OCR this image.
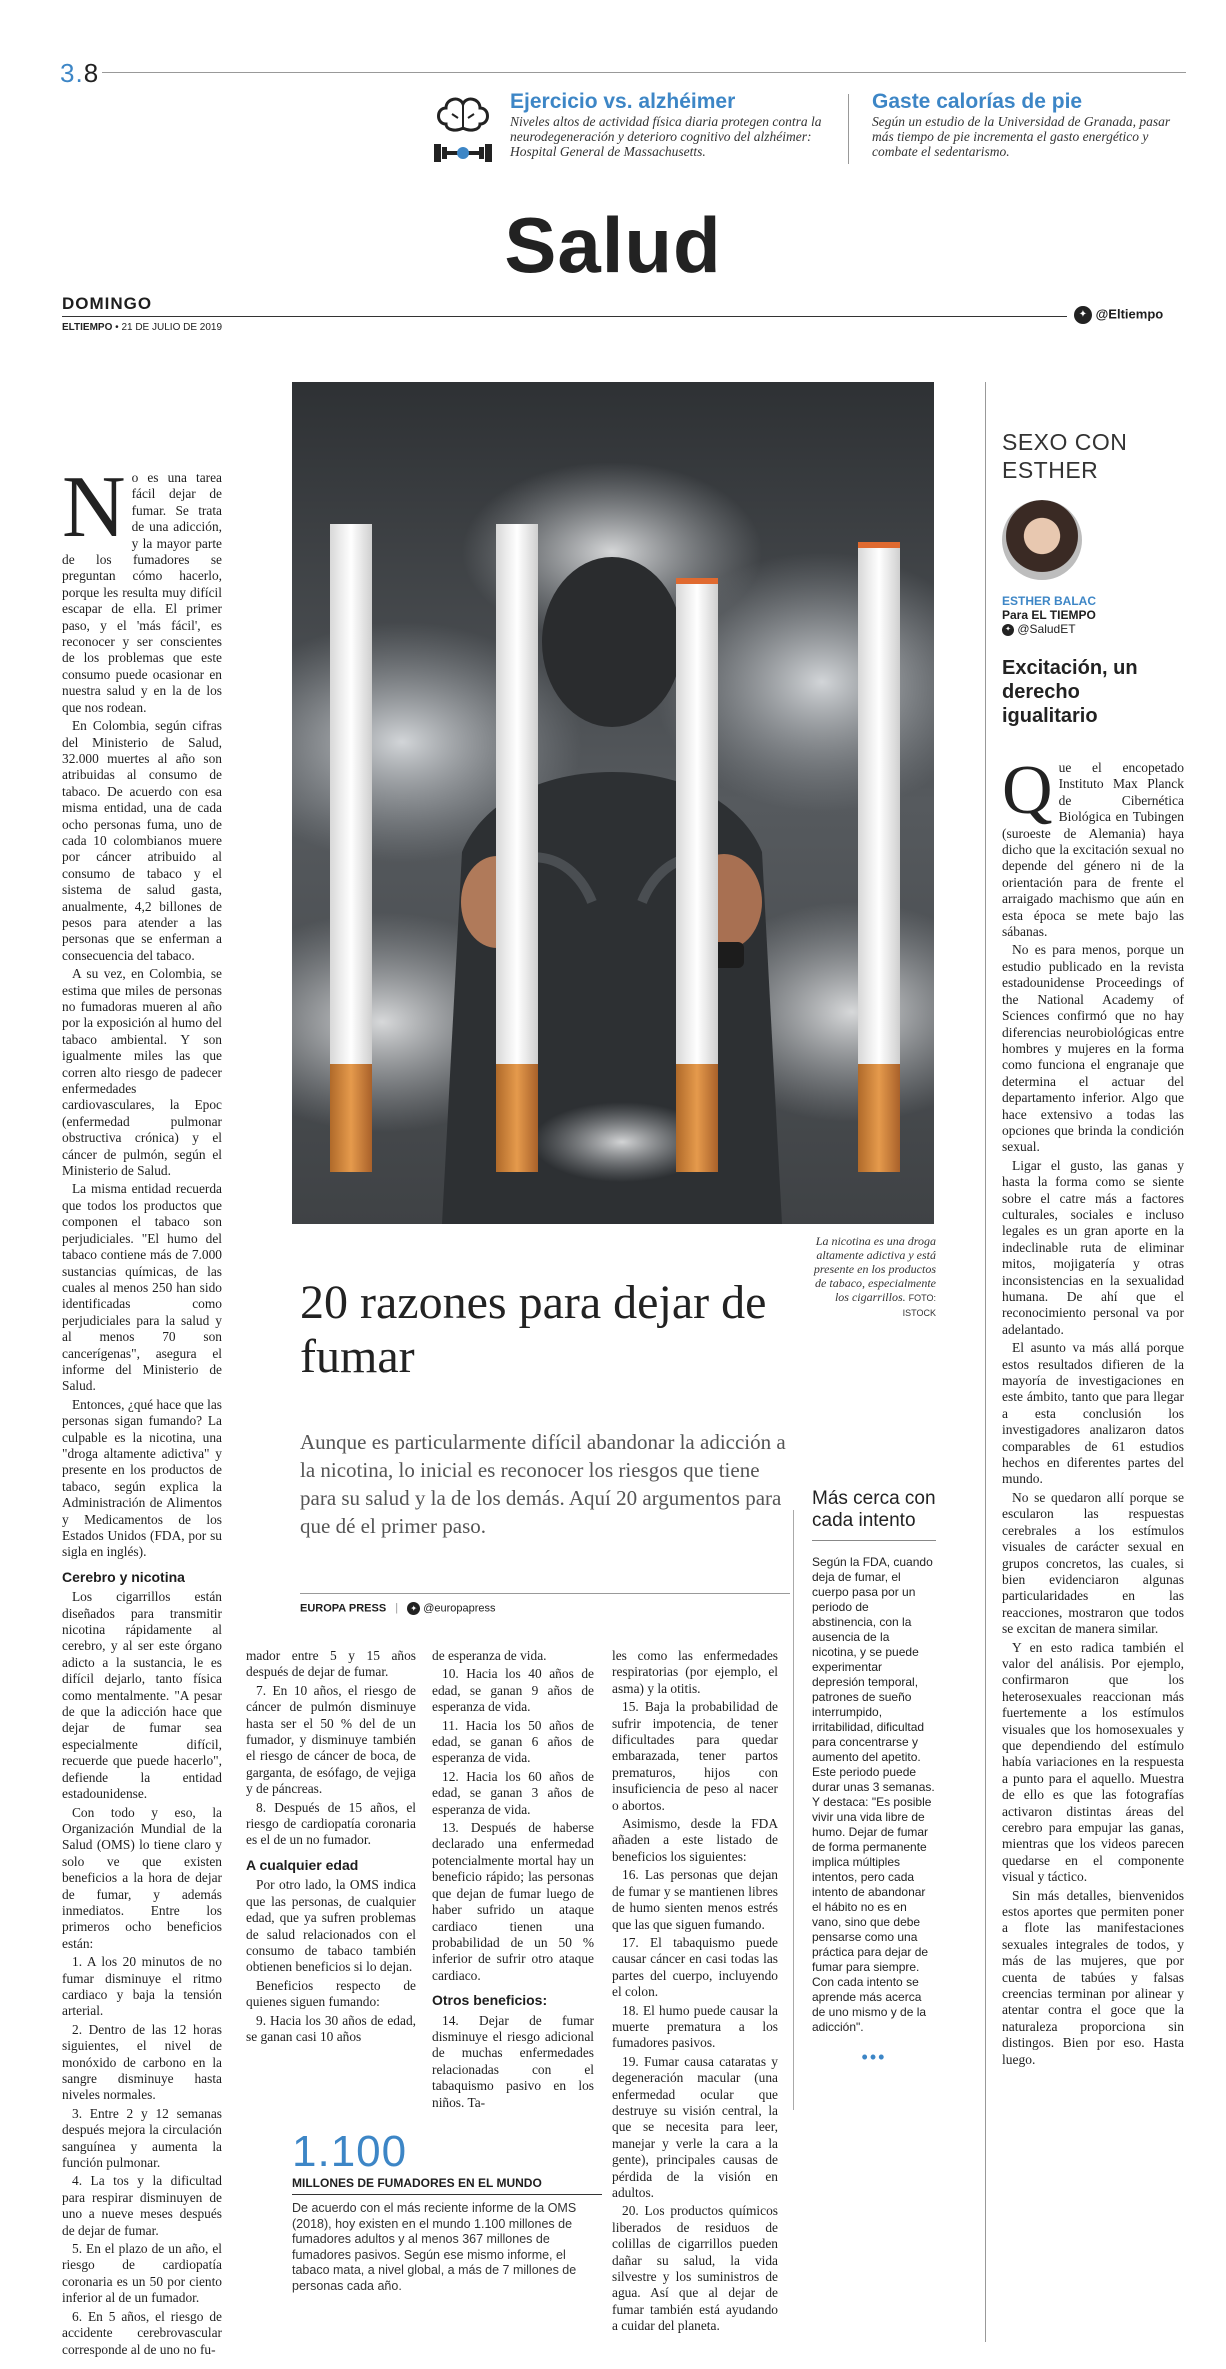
3.8
Ejercicio vs. alzhéimer
Niveles altos de actividad física diaria protegen contra la neurodegeneración y deterioro cognitivo del alzhéimer: Hospital General de Massachusetts.
Gaste calorías de pie
Según un estudio de la Universidad de Granada, pasar más tiempo de pie incrementa el gasto energético y combate el sedentarismo.
Salud
DOMINGO
ELTIEMPO • 21 DE JULIO DE 2019
✦ @Eltiempo
La nicotina es una droga altamente adictiva y está presente en los productos de tabaco, especialmente los cigarrillos. FOTO: ISTOCK
20 razones para dejar de fumar
Aunque es particularmente difícil abandonar la adicción a la nicotina, lo inicial es reconocer los riesgos que tiene para su salud y la de los demás. Aquí 20 argumentos para que dé el primer paso.
EUROPA PRESS | ✦ @europapress

No es una tarea fácil dejar de fumar. Se trata de una adicción, y la mayor parte de los fumadores se preguntan cómo hacerlo, porque les resulta muy difícil escapar de ella. El primer paso, y el 'más fácil', es reconocer y ser conscientes de los problemas que este consumo puede ocasionar en nuestra salud y en la de los que nos rodean.

En Colombia, según cifras del Ministerio de Salud, 32.000 muertes al año son atribuidas al consumo de tabaco. De acuerdo con esa misma entidad, una de cada ocho personas fuma, uno de cada 10 colombianos muere por cáncer atribuido al consumo de tabaco y el sistema de salud gasta, anualmente, 4,2 billones de pesos para atender a las personas que se enferman a consecuencia del tabaco.

A su vez, en Colombia, se estima que miles de personas no fumadoras mueren al año por la exposición al humo del tabaco ambiental. Y son igualmente miles las que corren alto riesgo de padecer enfermedades cardiovasculares, la Epoc (enfermedad pulmonar obstructiva crónica) y el cáncer de pulmón, según el Ministerio de Salud.

La misma entidad recuerda que todos los productos que componen el tabaco son perjudiciales. "El humo del tabaco contiene más de 7.000 sustancias químicas, de las cuales al menos 250 han sido identificadas como perjudiciales para la salud y al menos 70 son cancerígenas", asegura el informe del Ministerio de Salud.

Entonces, ¿qué hace que las personas sigan fumando? La culpable es la nicotina, una "droga altamente adictiva" y presente en los productos de tabaco, según explica la Administración de Alimentos y Medicamentos de los Estados Unidos (FDA, por su sigla en inglés).

Cerebro y nicotina

Los cigarrillos están diseñados para transmitir nicotina rápidamente al cerebro, y al ser este órgano adicto a la sustancia, le es difícil dejarlo, tanto física como mentalmente. "A pesar de que la adicción hace que dejar de fumar sea especialmente difícil, recuerde que puede hacerlo", defiende la entidad estadounidense.

Con todo y eso, la Organización Mundial de la Salud (OMS) lo tiene claro y solo ve que existen beneficios a la hora de dejar de fumar, y además inmediatos. Entre los primeros ocho beneficios están:

1. A los 20 minutos de no fumar disminuye el ritmo cardiaco y baja la tensión arterial.

2. Dentro de las 12 horas siguientes, el nivel de monóxido de carbono en la sangre disminuye hasta niveles normales.

3. Entre 2 y 12 semanas después mejora la circulación sanguínea y aumenta la función pulmonar.

4. La tos y la dificultad para respirar disminuyen de uno a nueve meses después de dejar de fumar.

5. En el plazo de un año, el riesgo de cardiopatía coronaria es un 50 por ciento inferior al de un fumador.

6. En 5 años, el riesgo de accidente cerebrovascular corresponde al de uno no fu-

mador entre 5 y 15 años después de dejar de fumar.

7. En 10 años, el riesgo de cáncer de pulmón disminuye hasta ser el 50 % del de un fumador, y disminuye también el riesgo de cáncer de boca, de garganta, de esófago, de vejiga y de páncreas.

8. Después de 15 años, el riesgo de cardiopatía coronaria es el de un no fumador.

A cualquier edad

Por otro lado, la OMS indica que las personas, de cualquier edad, que ya sufren problemas de salud relacionados con el consumo de tabaco también obtienen beneficios si lo dejan.

Beneficios respecto de quienes siguen fumando:

9. Hacia los 30 años de edad, se ganan casi 10 años

de esperanza de vida.

10. Hacia los 40 años de edad, se ganan 9 años de esperanza de vida.

11. Hacia los 50 años de edad, se ganan 6 años de esperanza de vida.

12. Hacia los 60 años de edad, se ganan 3 años de esperanza de vida.

13. Después de haberse declarado una enfermedad potencialmente mortal hay un beneficio rápido; las personas que dejan de fumar luego de haber sufrido un ataque cardiaco tienen una probabilidad de un 50 % inferior de sufrir otro ataque cardiaco.

Otros beneficios:

14. Dejar de fumar disminuye el riesgo adicional de muchas enfermedades relacionadas con el tabaquismo pasivo en los niños. Ta-

1.100
MILLONES DE FUMADORES EN EL MUNDO
De acuerdo con el más reciente informe de la OMS (2018), hoy existen en el mundo 1.100 millones de fumadores adultos y al menos 367 millones de fumadores pasivos. Según ese mismo informe, el tabaco mata, a nivel global, a más de 7 millones de personas cada año.

les como las enfermedades respiratorias (por ejemplo, el asma) y la otitis.

15. Baja la probabilidad de sufrir impotencia, de tener dificultades para quedar embarazada, tener partos prematuros, hijos con insuficiencia de peso al nacer o abortos.

Asimismo, desde la FDA añaden a este listado de beneficios los siguientes:

16. Las personas que dejan de fumar y se mantienen libres de humo sienten menos estrés que las que siguen fumando.

17. El tabaquismo puede causar cáncer en casi todas las partes del cuerpo, incluyendo el colon.

18. El humo puede causar la muerte prematura a los fumadores pasivos.

19. Fumar causa cataratas y degeneración macular (una enfermedad ocular que destruye su visión central, la que se necesita para leer, manejar y verle la cara a la gente), principales causas de pérdida de la visión en adultos.

20. Los productos químicos liberados de residuos de colillas de cigarrillos pueden dañar su salud, la vida silvestre y los suministros de agua. Así que al dejar de fumar también está ayudando a cuidar del planeta.

Más cerca con cada intento
Según la FDA, cuando deja de fumar, el cuerpo pasa por un periodo de abstinencia, con la ausencia de la nicotina, y se puede experimentar depresión temporal, patrones de sueño interrumpido, irritabilidad, dificultad para concentrarse y aumento del apetito. Este periodo puede durar unas 3 semanas. Y destaca: "Es posible vivir una vida libre de humo. Dejar de fumar de forma permanente implica múltiples intentos, pero cada intento de abandonar el hábito no es en vano, sino que debe pensarse como una práctica para dejar de fumar para siempre. Con cada intento se aprende más acerca de uno mismo y de la adicción".
•••
SEXO CON ESTHER
ESTHER BALAC
Para EL TIEMPO
✦ @SaludET
Excitación, un derecho igualitario

Que el encopetado Instituto Max Planck de Cibernética Biológica en Tubingen (suroeste de Alemania) haya dicho que la excitación sexual no depende del género ni de la orientación para de frente el arraigado machismo que aún en esta época se mete bajo las sábanas.

No es para menos, porque un estudio publicado en la revista estadounidense Proceedings of the National Academy of Sciences confirmó que no hay diferencias neurobiológicas entre hombres y mujeres en la forma como funciona el engranaje que determina el actuar del departamento inferior. Algo que hace extensivo a todas las opciones que brinda la condición sexual.

Ligar el gusto, las ganas y hasta la forma como se siente sobre el catre más a factores culturales, sociales e incluso legales es un gran aporte en la indeclinable ruta de eliminar mitos, mojigatería y otras inconsistencias en la sexualidad humana. De ahí que el reconocimiento personal va por adelantado.

El asunto va más allá porque estos resultados difieren de la mayoría de investigaciones en este ámbito, tanto que para llegar a esta conclusión los investigadores analizaron datos comparables de 61 estudios hechos en diferentes partes del mundo.

No se quedaron allí porque se escularon las respuestas cerebrales a los estímulos visuales de carácter sexual en grupos concretos, las cuales, si bien evidenciaron algunas particularidades en las reacciones, mostraron que todos se excitan de manera similar.

Y en esto radica también el valor del análisis. Por ejemplo, confirmaron que los heterosexuales reaccionan más fuertemente a los estímulos visuales que los homosexuales y que dependiendo del estímulo había variaciones en la respuesta a punto para el aquello. Muestra de ello es que las fotografías activaron distintas áreas del cerebro para empujar las ganas, mientras que los videos parecen quedarse en el componente visual y táctico.

Sin más detalles, bienvenidos estos aportes que permiten poner a flote las manifestaciones sexuales integrales de todos, y más de las mujeres, que por cuenta de tabúes y falsas creencias terminan por alinear y atentar contra el goce que la naturaleza proporciona sin distingos. Bien por eso. Hasta luego.
